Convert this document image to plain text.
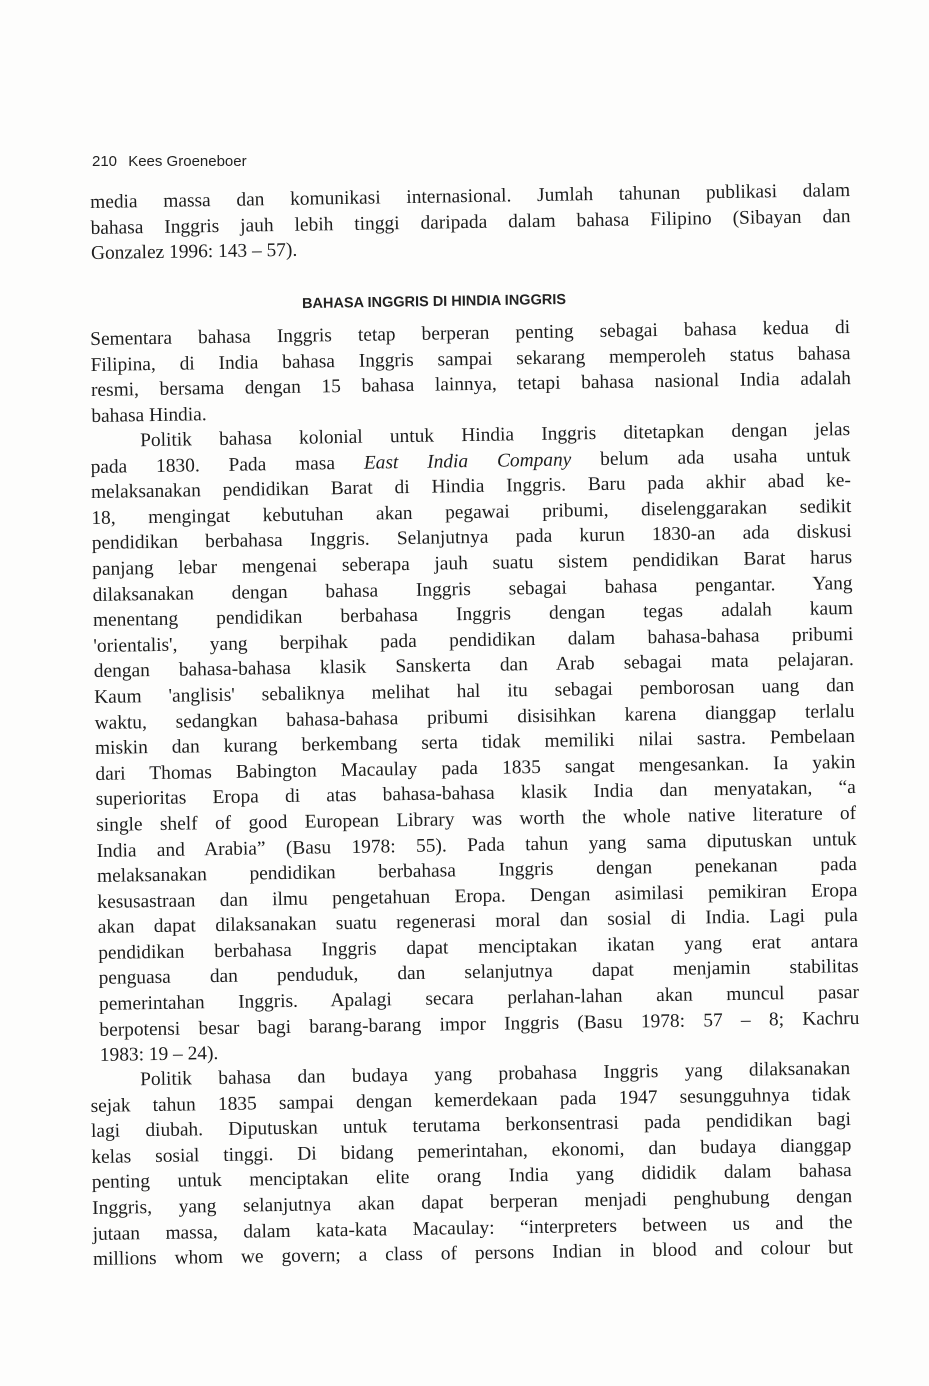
210 Kees Groeneboer
media massa dan komunikasi internasional. Jumlah tahunan publikasi dalam
bahasa Inggris jauh lebih tinggi daripada dalam bahasa Filipino (Sibayan dan
Gonzalez 1996: 143 – 57).
BAHASA INGGRIS DI HINDIA INGGRIS
Sementara bahasa Inggris tetap berperan penting sebagai bahasa kedua di
Filipina, di India bahasa Inggris sampai sekarang memperoleh status bahasa
resmi, bersama dengan 15 bahasa lainnya, tetapi bahasa nasional India adalah
bahasa Hindia.
Politik bahasa kolonial untuk Hindia Inggris ditetapkan dengan jelas
pada 1830. Pada masa East India Company belum ada usaha untuk
melaksanakan pendidikan Barat di Hindia Inggris. Baru pada akhir abad ke-
18, mengingat kebutuhan akan pegawai pribumi, diselenggarakan sedikit
pendidikan berbahasa Inggris. Selanjutnya pada kurun 1830-an ada diskusi
panjang lebar mengenai seberapa jauh suatu sistem pendidikan Barat harus
dilaksanakan dengan bahasa Inggris sebagai bahasa pengantar. Yang
menentang pendidikan berbahasa Inggris dengan tegas adalah kaum
'orientalis', yang berpihak pada pendidikan dalam bahasa-bahasa pribumi
dengan bahasa-bahasa klasik Sanskerta dan Arab sebagai mata pelajaran.
Kaum 'anglisis' sebaliknya melihat hal itu sebagai pemborosan uang dan
waktu, sedangkan bahasa-bahasa pribumi disisihkan karena dianggap terlalu
miskin dan kurang berkembang serta tidak memiliki nilai sastra. Pembelaan
dari Thomas Babington Macaulay pada 1835 sangat mengesankan. Ia yakin
superioritas Eropa di atas bahasa-bahasa klasik India dan menyatakan, “a
single shelf of good European Library was worth the whole native literature of
India and Arabia” (Basu 1978: 55). Pada tahun yang sama diputuskan untuk
melaksanakan pendidikan berbahasa Inggris dengan penekanan pada
kesusastraan dan ilmu pengetahuan Eropa. Dengan asimilasi pemikiran Eropa
akan dapat dilaksanakan suatu regenerasi moral dan sosial di India. Lagi pula
pendidikan berbahasa Inggris dapat menciptakan ikatan yang erat antara
penguasa dan penduduk, dan selanjutnya dapat menjamin stabilitas
pemerintahan Inggris. Apalagi secara perlahan-lahan akan muncul pasar
berpotensi besar bagi barang-barang impor Inggris (Basu 1978: 57 – 8; Kachru
1983: 19 – 24).
Politik bahasa dan budaya yang probahasa Inggris yang dilaksanakan
sejak tahun 1835 sampai dengan kemerdekaan pada 1947 sesungguhnya tidak
lagi diubah. Diputuskan untuk terutama berkonsentrasi pada pendidikan bagi
kelas sosial tinggi. Di bidang pemerintahan, ekonomi, dan budaya dianggap
penting untuk menciptakan elite orang India yang dididik dalam bahasa
Inggris, yang selanjutnya akan dapat berperan menjadi penghubung dengan
jutaan massa, dalam kata-kata Macaulay: “interpreters between us and the
millions whom we govern; a class of persons Indian in blood and colour but
